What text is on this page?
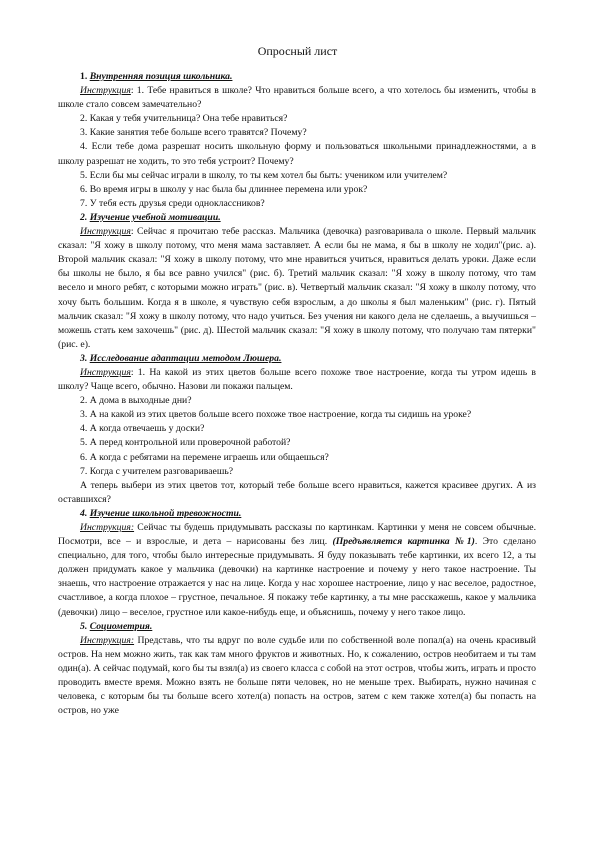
Опросный лист

1. Внутренняя позиция школьника.

Инструкция: 1. Тебе нравиться в школе? Что нравиться больше всего, а что хотелось бы изменить, чтобы в школе стало совсем замечательно?

2. Какая у тебя учительница? Она тебе нравиться?

3. Какие занятия тебе больше всего травятся? Почему?

4. Если тебе дома разрешат носить школьную форму и пользоваться школьными принадлежностями, а в школу разрешат не ходить, то это тебя устроит? Почему?

5. Если бы мы сейчас играли в школу, то ты кем хотел бы быть: учеником или учителем?

6. Во время игры в школу у нас была бы длиннее перемена или урок?

7. У тебя есть друзья среди одноклассников?

2. Изучение учебной мотивации.

Инструкция: Сейчас я прочитаю тебе рассказ. Мальчика (девочка) разговаривала о школе. Первый мальчик сказал: "Я хожу в школу потому, что меня мама заставляет. А если бы не мама, я бы в школу не ходил"(рис. а). Второй мальчик сказал: "Я хожу в школу потому, что мне нравиться учиться, нравиться делать уроки. Даже если бы школы не было, я бы все равно учился" (рис. б). Третий мальчик сказал: "Я хожу в школу потому, что там весело и много ребят, с которыми можно играть" (рис. в). Четвертый мальчик сказал: "Я хожу в школу потому, что хочу быть большим. Когда я в школе, я чувствую себя взрослым, а до школы я был маленьким" (рис. г). Пятый мальчик сказал: "Я хожу в школу потому, что надо учиться. Без учения ни какого дела не сделаешь, а выучишься – можешь стать кем захочешь" (рис. д). Шестой мальчик сказал: "Я хожу в школу потому, что получаю там пятерки" (рис. е).

3. Исследование адаптации методом Люшера.

Инструкция: 1. На какой из этих цветов больше всего похоже твое настроение, когда ты утром идешь в школу? Чаще всего, обычно. Назови ли покажи пальцем.

2. А дома в выходные дни?

3. А на какой из этих цветов больше всего похоже твое настроение, когда ты сидишь на уроке?

4. А когда отвечаешь у доски?

5. А перед контрольной или проверочной работой?

6. А когда с ребятами на перемене играешь или общаешься?

7. Когда с учителем разговариваешь?

А теперь выбери из этих цветов тот, который тебе больше всего нравиться, кажется красивее других. А из оставшихся?

4. Изучение школьной тревожности.

Инструкция: Сейчас ты будешь придумывать рассказы по картинкам. Картинки у меня не совсем обычные. Посмотри, все – и взрослые, и дета – нарисованы без лиц. (Предъявляется картинка №1). Это сделано специально, для того, чтобы было интересные придумывать. Я буду показывать тебе картинки, их всего 12, а ты должен придумать какое у мальчика (девочки) на картинке настроение и почему у него такое настроение. Ты знаешь, что настроение отражается у нас на лице. Когда у нас хорошее настроение, лицо у нас веселое, радостное, счастливое, а когда плохое – грустное, печальное. Я покажу тебе картинку, а ты мне расскажешь, какое у мальчика (девочки) лицо – веселое, грустное или какое-нибудь еще, и объяснишь, почему у него такое лицо.

5. Социометрия.

Инструкция: Представь, что ты вдруг по воле судьбе или по собственной воле попал(а) на очень красивый остров. На нем можно жить, так как там много фруктов и животных. Но, к сожалению, остров необитаем и ты там один(а). А сейчас подумай, кого бы ты взял(а) из своего класса с собой на этот остров, чтобы жить, играть и просто проводить вместе время. Можно взять не больше пяти человек, но не меньше трех. Выбирать, нужно начиная с человека, с которым бы ты больше всего хотел(а) попасть на остров, затем с кем также хотел(а) бы попасть на остров, но уже
